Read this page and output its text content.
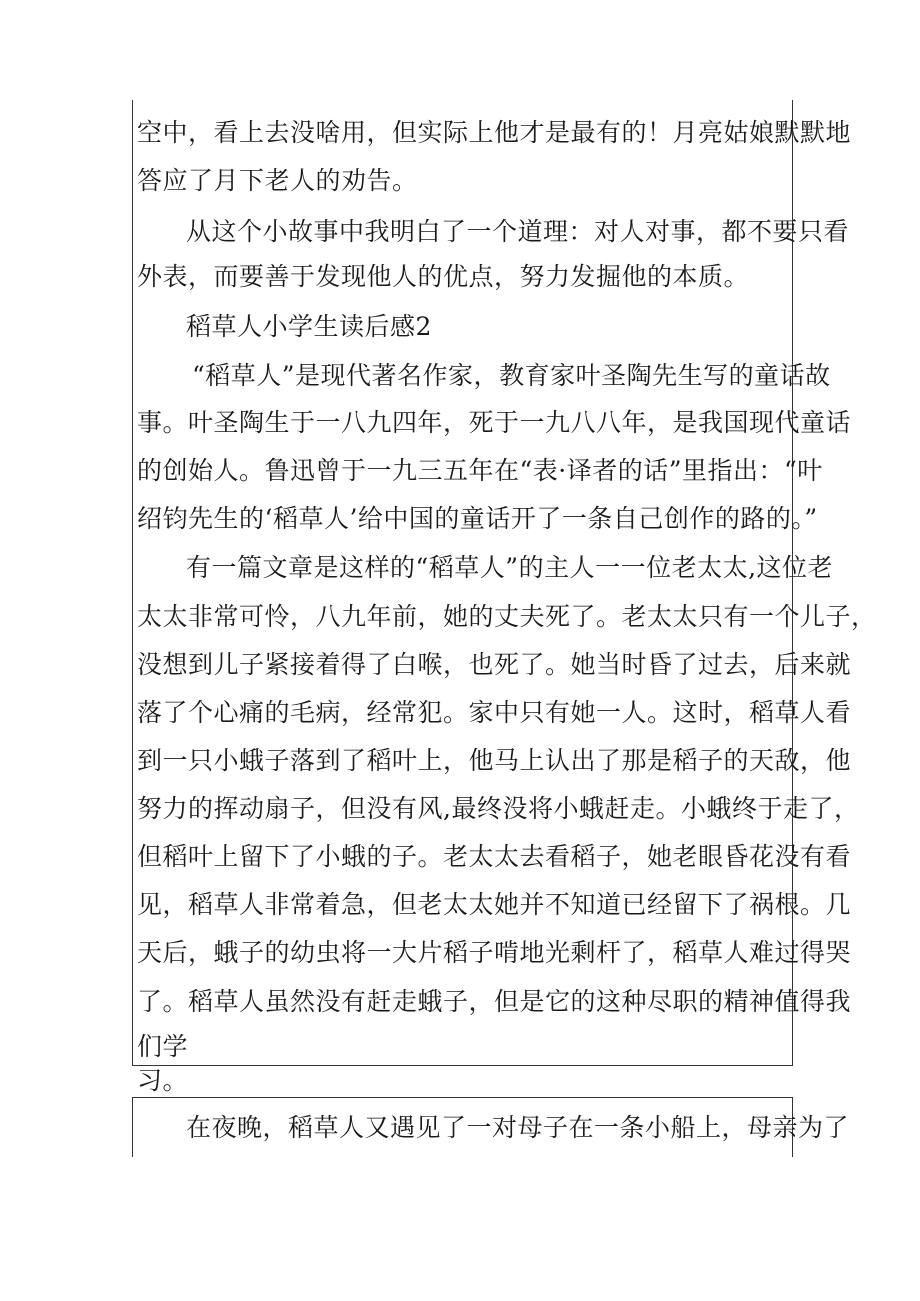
空中，看上去没啥用，但实际上他才是最有的！月亮姑娘默默地
答应了月下老人的劝告。
从这个小故事中我明白了一个道理：对人对事，都不要只看
外表，而要善于发现他人的优点，努力发掘他的本质。
稻草人小学生读后感2
“稻草人”是现代著名作家，教育家叶圣陶先生写的童话故
事。叶圣陶生于一八九四年，死于一九八八年，是我国现代童话
的创始人。鲁迅曾于一九三五年在“表·译者的话”里指出：“叶
绍钧先生的‘稻草人’给中国的童话开了一条自己创作的路的。”
有一篇文章是这样的“稻草人”的主人一一位老太太,这位老
太太非常可怜，八九年前，她的丈夫死了。老太太只有一个儿子，
没想到儿子紧接着得了白喉，也死了。她当时昏了过去，后来就
落了个心痛的毛病，经常犯。家中只有她一人。这时，稻草人看
到一只小蛾子落到了稻叶上，他马上认出了那是稻子的天敌，他
努力的挥动扇子，但没有风,最终没将小蛾赶走。小蛾终于走了，
但稻叶上留下了小蛾的子。老太太去看稻子，她老眼昏花没有看
见，稻草人非常着急，但老太太她并不知道已经留下了祸根。几
天后，蛾子的幼虫将一大片稻子啃地光剩杆了，稻草人难过得哭
了。稻草人虽然没有赶走蛾子，但是它的这种尽职的精神值得我
们学
习。
在夜晚，稻草人又遇见了一对母子在一条小船上，母亲为了
